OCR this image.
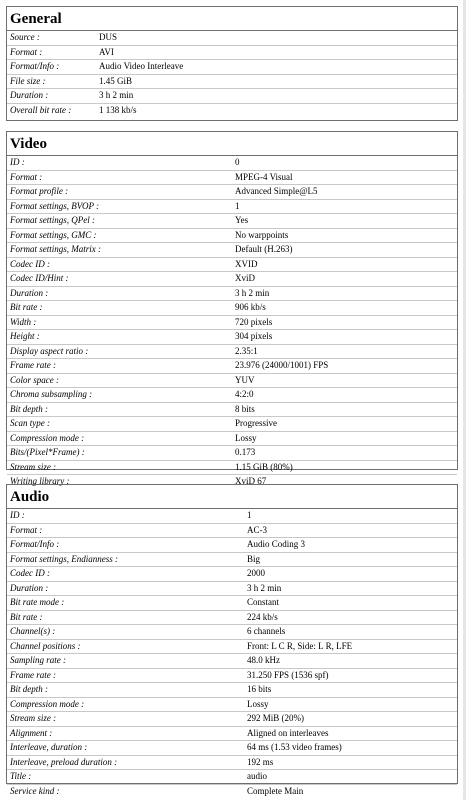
General
Source :	DUS
Format :	AVI
Format/Info :	Audio Video Interleave
File size :	1.45 GiB
Duration :	3 h 2 min
Overall bit rate :	1 138 kb/s
Video
ID :	0
Format :	MPEG-4 Visual
Format profile :	Advanced Simple@L5
Format settings, BVOP :	1
Format settings, QPel :	Yes
Format settings, GMC :	No warppoints
Format settings, Matrix :	Default (H.263)
Codec ID :	XVID
Codec ID/Hint :	XviD
Duration :	3 h 2 min
Bit rate :	906 kb/s
Width :	720 pixels
Height :	304 pixels
Display aspect ratio :	2.35:1
Frame rate :	23.976 (24000/1001) FPS
Color space :	YUV
Chroma subsampling :	4:2:0
Bit depth :	8 bits
Scan type :	Progressive
Compression mode :	Lossy
Bits/(Pixel*Frame) :	0.173
Stream size :	1.15 GiB (80%)
Writing library :	XviD 67
Audio
ID :	1
Format :	AC-3
Format/Info :	Audio Coding 3
Format settings, Endianness :	Big
Codec ID :	2000
Duration :	3 h 2 min
Bit rate mode :	Constant
Bit rate :	224 kb/s
Channel(s) :	6 channels
Channel positions :	Front: L C R, Side: L R, LFE
Sampling rate :	48.0 kHz
Frame rate :	31.250 FPS (1536 spf)
Bit depth :	16 bits
Compression mode :	Lossy
Stream size :	292 MiB (20%)
Alignment :	Aligned on interleaves
Interleave, duration :	64 ms (1.53 video frames)
Interleave, preload duration :	192 ms
Title :	audio
Service kind :	Complete Main
